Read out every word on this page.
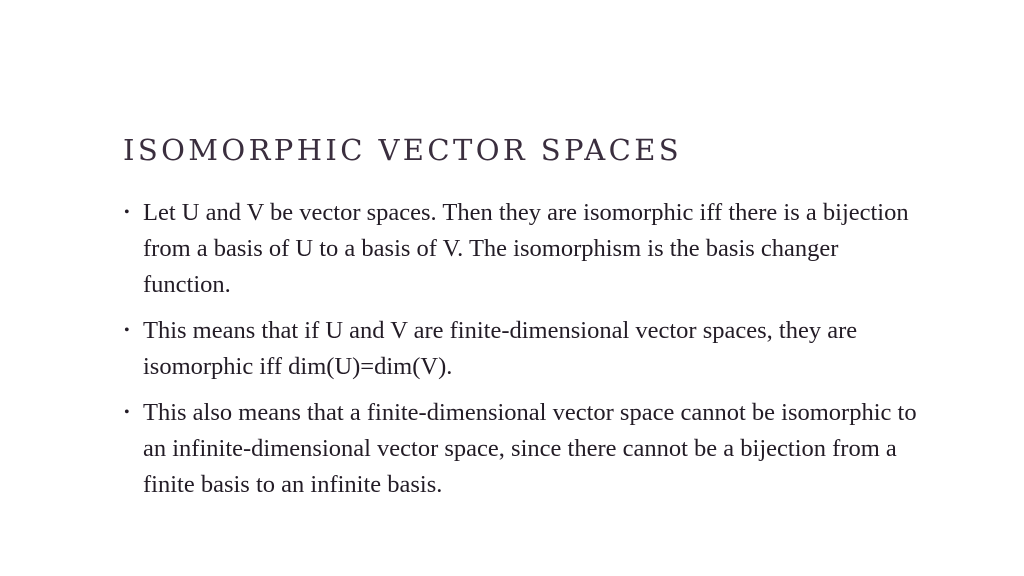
ISOMORPHIC VECTOR SPACES
• Let U and V be vector spaces. Then they are isomorphic iff there is a bijection from a basis of U to a basis of V. The isomorphism is the basis changer function.
• This means that if U and V are finite-dimensional vector spaces, they are isomorphic iff dim(U)=dim(V).
• This also means that a finite-dimensional vector space cannot be isomorphic to an infinite-dimensional vector space, since there cannot be a bijection from a finite basis to an infinite basis.
